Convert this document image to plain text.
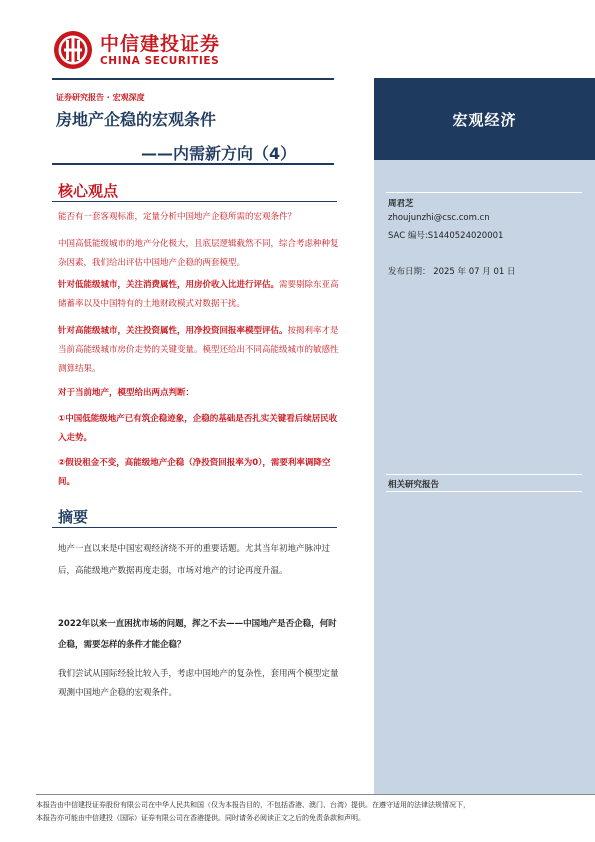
中信建投证券
CHINA SECURITIES
证券研究报告 · 宏观深度
房地产企稳的宏观条件
——内需新方向（4）
核心观点
能否有一套客观标准，定量分析中国地产企稳所需的宏观条件？
中国高低能级城市的地产分化极大，且底层逻辑截然不同，综合考虑种种复杂因素，我们给出评估中国地产企稳的两套模型。
针对低能级城市，关注消费属性，用房价收入比进行评估。需要剔除东亚高储蓄率以及中国特有的土地财政模式对数据干扰。
针对高能级城市，关注投资属性，用净投资回报率模型评估。按揭利率才是当前高能级城市房价走势的关键变量。模型还给出不同高能级城市的敏感性测算结果。
对于当前地产，模型给出两点判断：
①中国低能级地产已有筑企稳迹象，企稳的基础是否扎实关键看后续居民收入走势。
②假设租金不变，高能级地产企稳（净投资回报率为0），需要利率调降空间。
摘要
地产一直以来是中国宏观经济绕不开的重要话题。尤其当年初地产脉冲过后，高能级地产数据再度走弱，市场对地产的讨论再度升温。
2022年以来一直困扰市场的问题，挥之不去——中国地产是否企稳，何时企稳，需要怎样的条件才能企稳？
我们尝试从国际经验比较入手，考虑中国地产的复杂性，套用两个模型定量观测中国地产企稳的宏观条件。
宏观经济
周君芝
zhoujunzhi@csc.com.cn
SAC 编号:S1440524020001
发布日期： 2025 年 07 月 01 日
相关研究报告
本报告由中信建投证券股份有限公司在中华人民共和国（仅为本报告目的，不包括香港、澳门、台湾）提供。在遵守适用的法律法规情况下，
本报告亦可能由中信建投（国际）证券有限公司在香港提供。同时请务必阅读正文之后的免责条款和声明。
